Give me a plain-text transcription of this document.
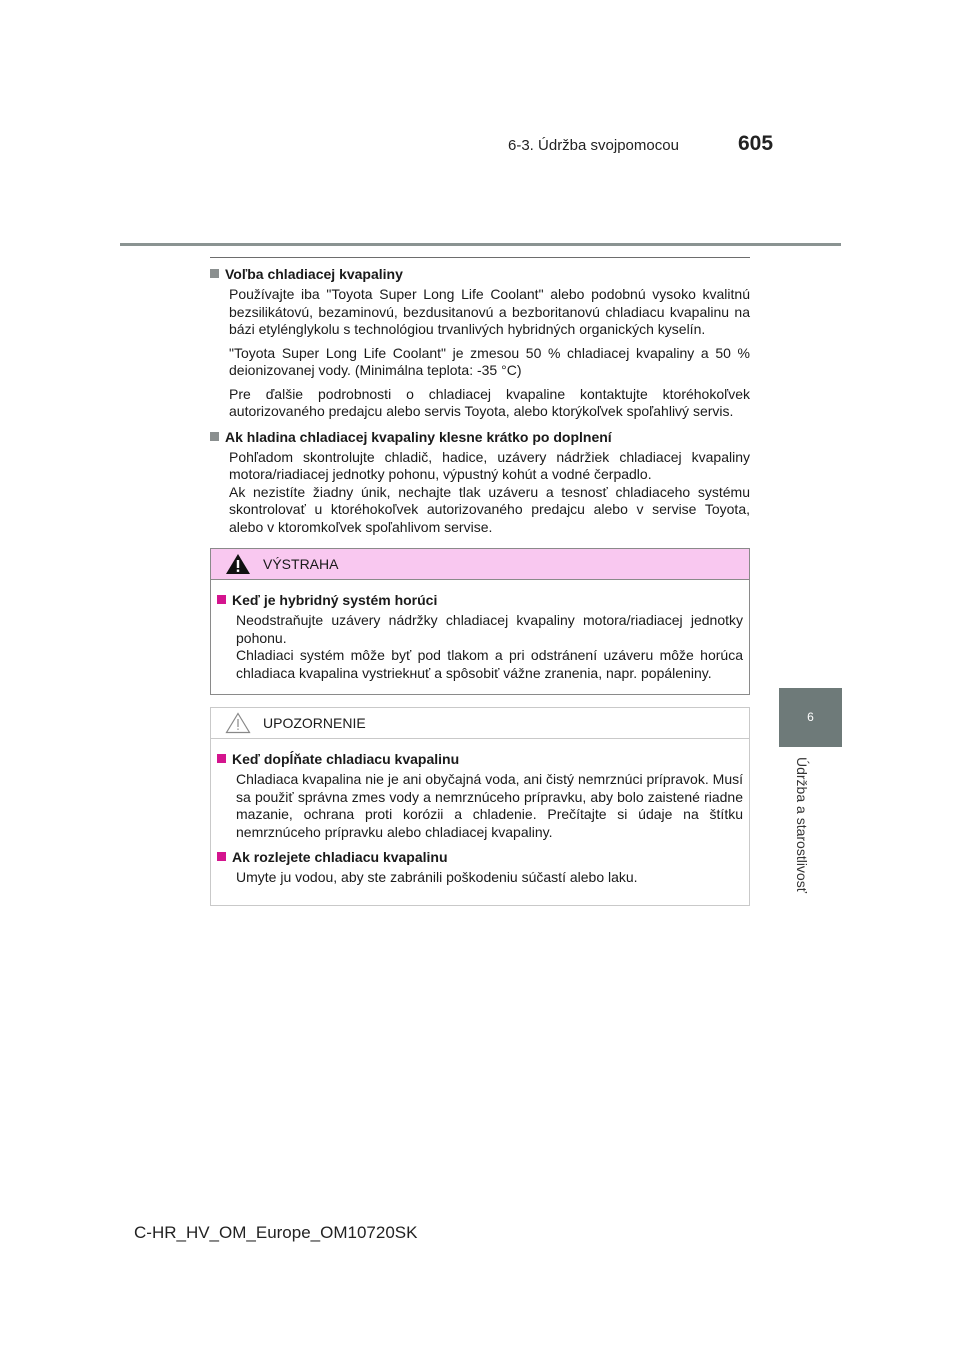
6-3. Údržba svojpomocou	605
6
Údržba a starostlivosť
Voľba chladiacej kvapaliny

Používajte iba "Toyota Super Long Life Coolant" alebo podobnú vysoko kvalitnú bezsilikátovú, bezaminovú, bezdusitanovú a bezboritanovú chladiacu kvapalinu na bázi etylénglykolu s technológiou trvanlivých hybridných organických kyselín.

"Toyota Super Long Life Coolant" je zmesou 50 % chladiacej kvapaliny a 50 % deionizovanej vody. (Minimálna teplota: -35 °C)

Pre ďalšie podrobnosti o chladiacej kvapaline kontaktujte ktoréhokoľvek autorizovaného predajcu alebo servis Toyota, alebo ktorýkoľvek spoľahlivý servis.

Ak hladina chladiacej kvapaliny klesne krátko po doplnení

Pohľadom skontrolujte chladič, hadice, uzávery nádržiek chladiacej kvapaliny motora/riadiacej jednotky pohonu, výpustný kohút a vodné čerpadlo.

Ak nezistíte žiadny únik, nechajte tlak uzáveru a tesnosť chladiaceho systému skontrolovať u ktoréhokoľvek autorizovaného predajcu alebo v servise Toyota, alebo v ktoromkoľvek spoľahlivom servise.

VÝSTRAHA
Keď je hybridný systém horúci

Neodstraňujte uzávery nádržky chladiacej kvapaliny motora/riadiacej jednotky pohonu.

Chladiaci systém môže byť pod tlakom a pri odstránení uzáveru môže horúca chladiaca kvapalina vystriekнuť a spôsobiť vážne zranenia, napr. popáleniny.

UPOZORNENIE
Keď dopĺňate chladiacu kvapalinu

Chladiaca kvapalina nie je ani obyčajná voda, ani čistý nemrznúci prípravok. Musí sa použiť správna zmes vody a nemrznúceho prípravku, aby bolo zaistené riadne mazanie, ochrana proti korózii a chladenie. Prečítajte si údaje na štítku nemrznúceho prípravku alebo chladiacej kvapaliny.

Ak rozlejete chladiacu kvapalinu

Umyte ju vodou, aby ste zabránili poškodeniu súčastí alebo laku.

C-HR_HV_OM_Europe_OM10720SK
